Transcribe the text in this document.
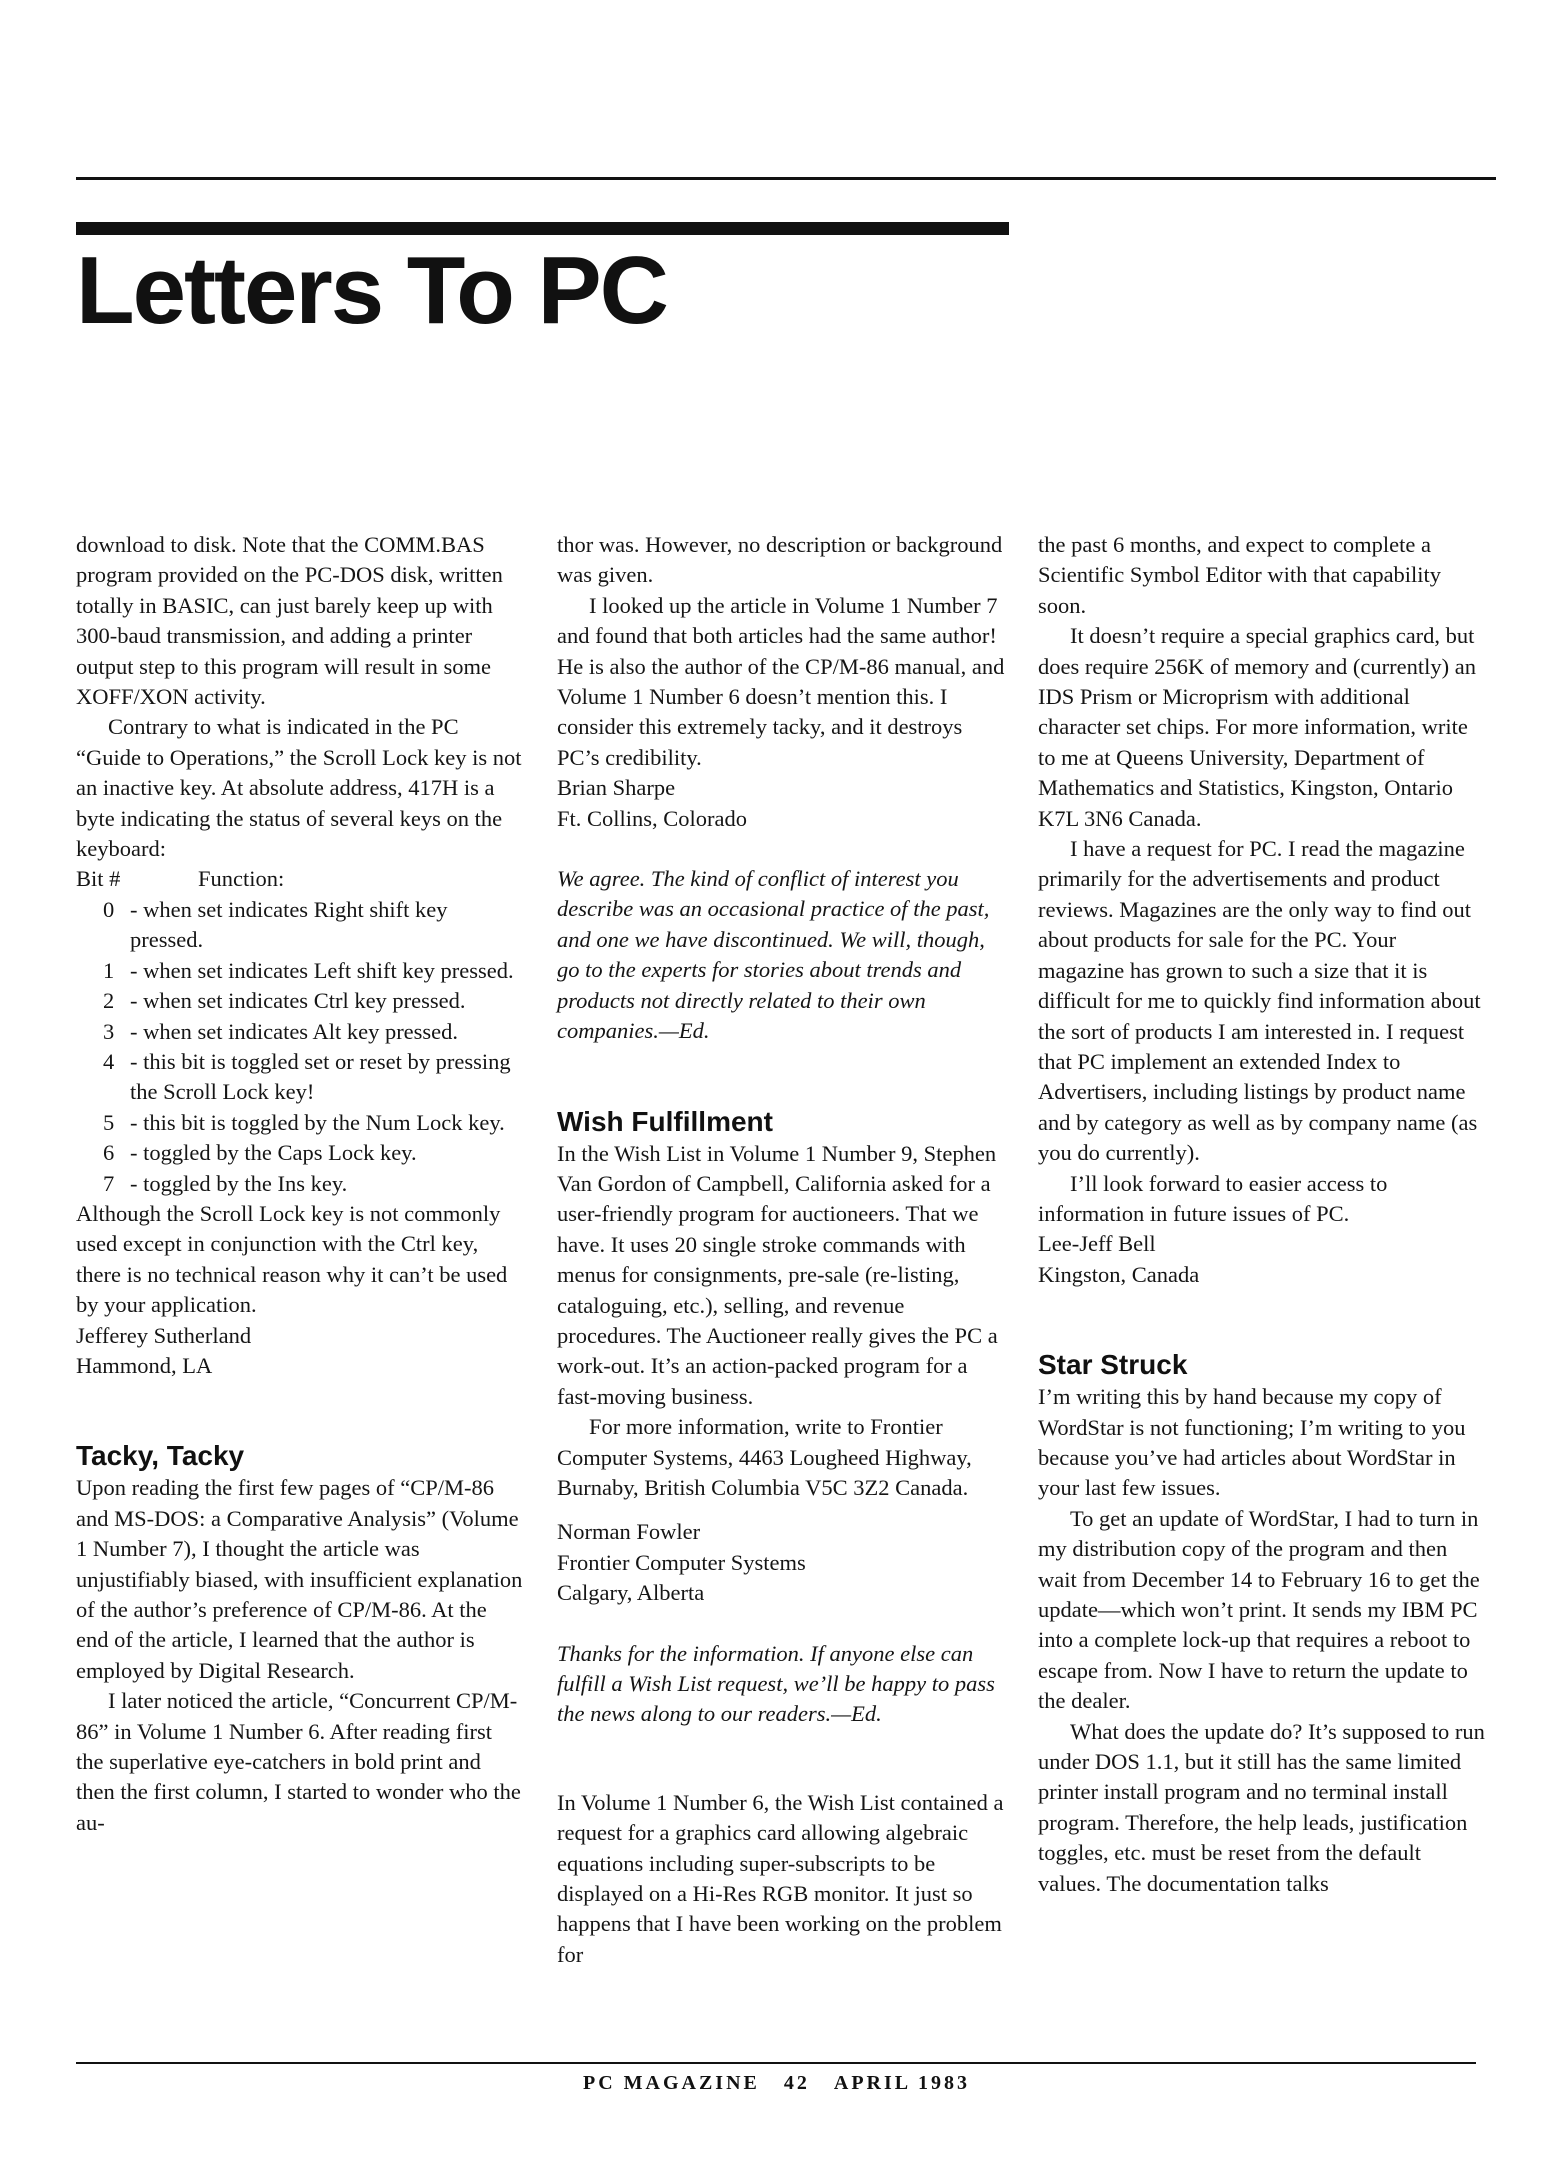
Letters To PC

download to disk. Note that the COMM.BAS program provided on the PC-DOS disk, written totally in BASIC, can just barely keep up with 300-baud transmission, and adding a printer output step to this program will result in some XOFF/XON activity.

Contrary to what is indicated in the PC “Guide to Operations,” the Scroll Lock key is not an inactive key. At absolute address, 417H is a byte indicating the status of several keys on the keyboard:

Bit #	Function:

0 - when set indicates Right shift key pressed.

1 - when set indicates Left shift key pressed.

2 - when set indicates Ctrl key pressed.

3 - when set indicates Alt key pressed.

4 - this bit is toggled set or reset by pressing the Scroll Lock key!

5 - this bit is toggled by the Num Lock key.

6 - toggled by the Caps Lock key.

7 - toggled by the Ins key.

Although the Scroll Lock key is not commonly used except in conjunction with the Ctrl key, there is no technical reason why it can’t be used by your application.

Jefferey Sutherland

Hammond, LA

Tacky, Tacky

Upon reading the first few pages of “CP/M-86 and MS-DOS: a Comparative Analysis” (Volume 1 Number 7), I thought the article was unjustifiably biased, with insufficient explanation of the author’s preference of CP/M-86. At the end of the article, I learned that the author is employed by Digital Research.

I later noticed the article, “Concurrent CP/M-86” in Volume 1 Number 6. After reading first the superlative eye-catchers in bold print and then the first column, I started to wonder who the au-

thor was. However, no description or background was given.

I looked up the article in Volume 1 Number 7 and found that both articles had the same author! He is also the author of the CP/M-86 manual, and Volume 1 Number 6 doesn’t mention this. I consider this extremely tacky, and it destroys PC’s credibility.

Brian Sharpe

Ft. Collins, Colorado

We agree. The kind of conflict of interest you describe was an occasional practice of the past, and one we have discontinued. We will, though, go to the experts for stories about trends and products not directly related to their own companies.—Ed.

Wish Fulfillment

In the Wish List in Volume 1 Number 9, Stephen Van Gordon of Campbell, California asked for a user-friendly program for auctioneers. That we have. It uses 20 single stroke commands with menus for consignments, pre-sale (re-listing, cataloguing, etc.), selling, and revenue procedures. The Auctioneer really gives the PC a work-out. It’s an action-packed program for a fast-moving business.

For more information, write to Frontier Computer Systems, 4463 Lougheed Highway, Burnaby, British Columbia V5C 3Z2 Canada.

Norman Fowler

Frontier Computer Systems

Calgary, Alberta

Thanks for the information. If anyone else can fulfill a Wish List request, we’ll be happy to pass the news along to our readers.—Ed.

In Volume 1 Number 6, the Wish List contained a request for a graphics card allowing algebraic equations including super-subscripts to be displayed on a Hi-Res RGB monitor. It just so happens that I have been working on the problem for

the past 6 months, and expect to complete a Scientific Symbol Editor with that capability soon.

It doesn’t require a special graphics card, but does require 256K of memory and (currently) an IDS Prism or Microprism with additional character set chips. For more information, write to me at Queens University, Department of Mathematics and Statistics, Kingston, Ontario K7L 3N6 Canada.

I have a request for PC. I read the magazine primarily for the advertisements and product reviews. Magazines are the only way to find out about products for sale for the PC. Your magazine has grown to such a size that it is difficult for me to quickly find information about the sort of products I am interested in. I request that PC implement an extended Index to Advertisers, including listings by product name and by category as well as by company name (as you do currently).

I’ll look forward to easier access to information in future issues of PC.

Lee-Jeff Bell

Kingston, Canada

Star Struck

I’m writing this by hand because my copy of WordStar is not functioning; I’m writing to you because you’ve had articles about WordStar in your last few issues.

To get an update of WordStar, I had to turn in my distribution copy of the program and then wait from December 14 to February 16 to get the update—which won’t print. It sends my IBM PC into a complete lock-up that requires a reboot to escape from. Now I have to return the update to the dealer.

What does the update do? It’s supposed to run under DOS 1.1, but it still has the same limited printer install program and no terminal install program. Therefore, the help leads, justification toggles, etc. must be reset from the default values. The documentation talks

PC MAGAZINE 42 APRIL 1983
